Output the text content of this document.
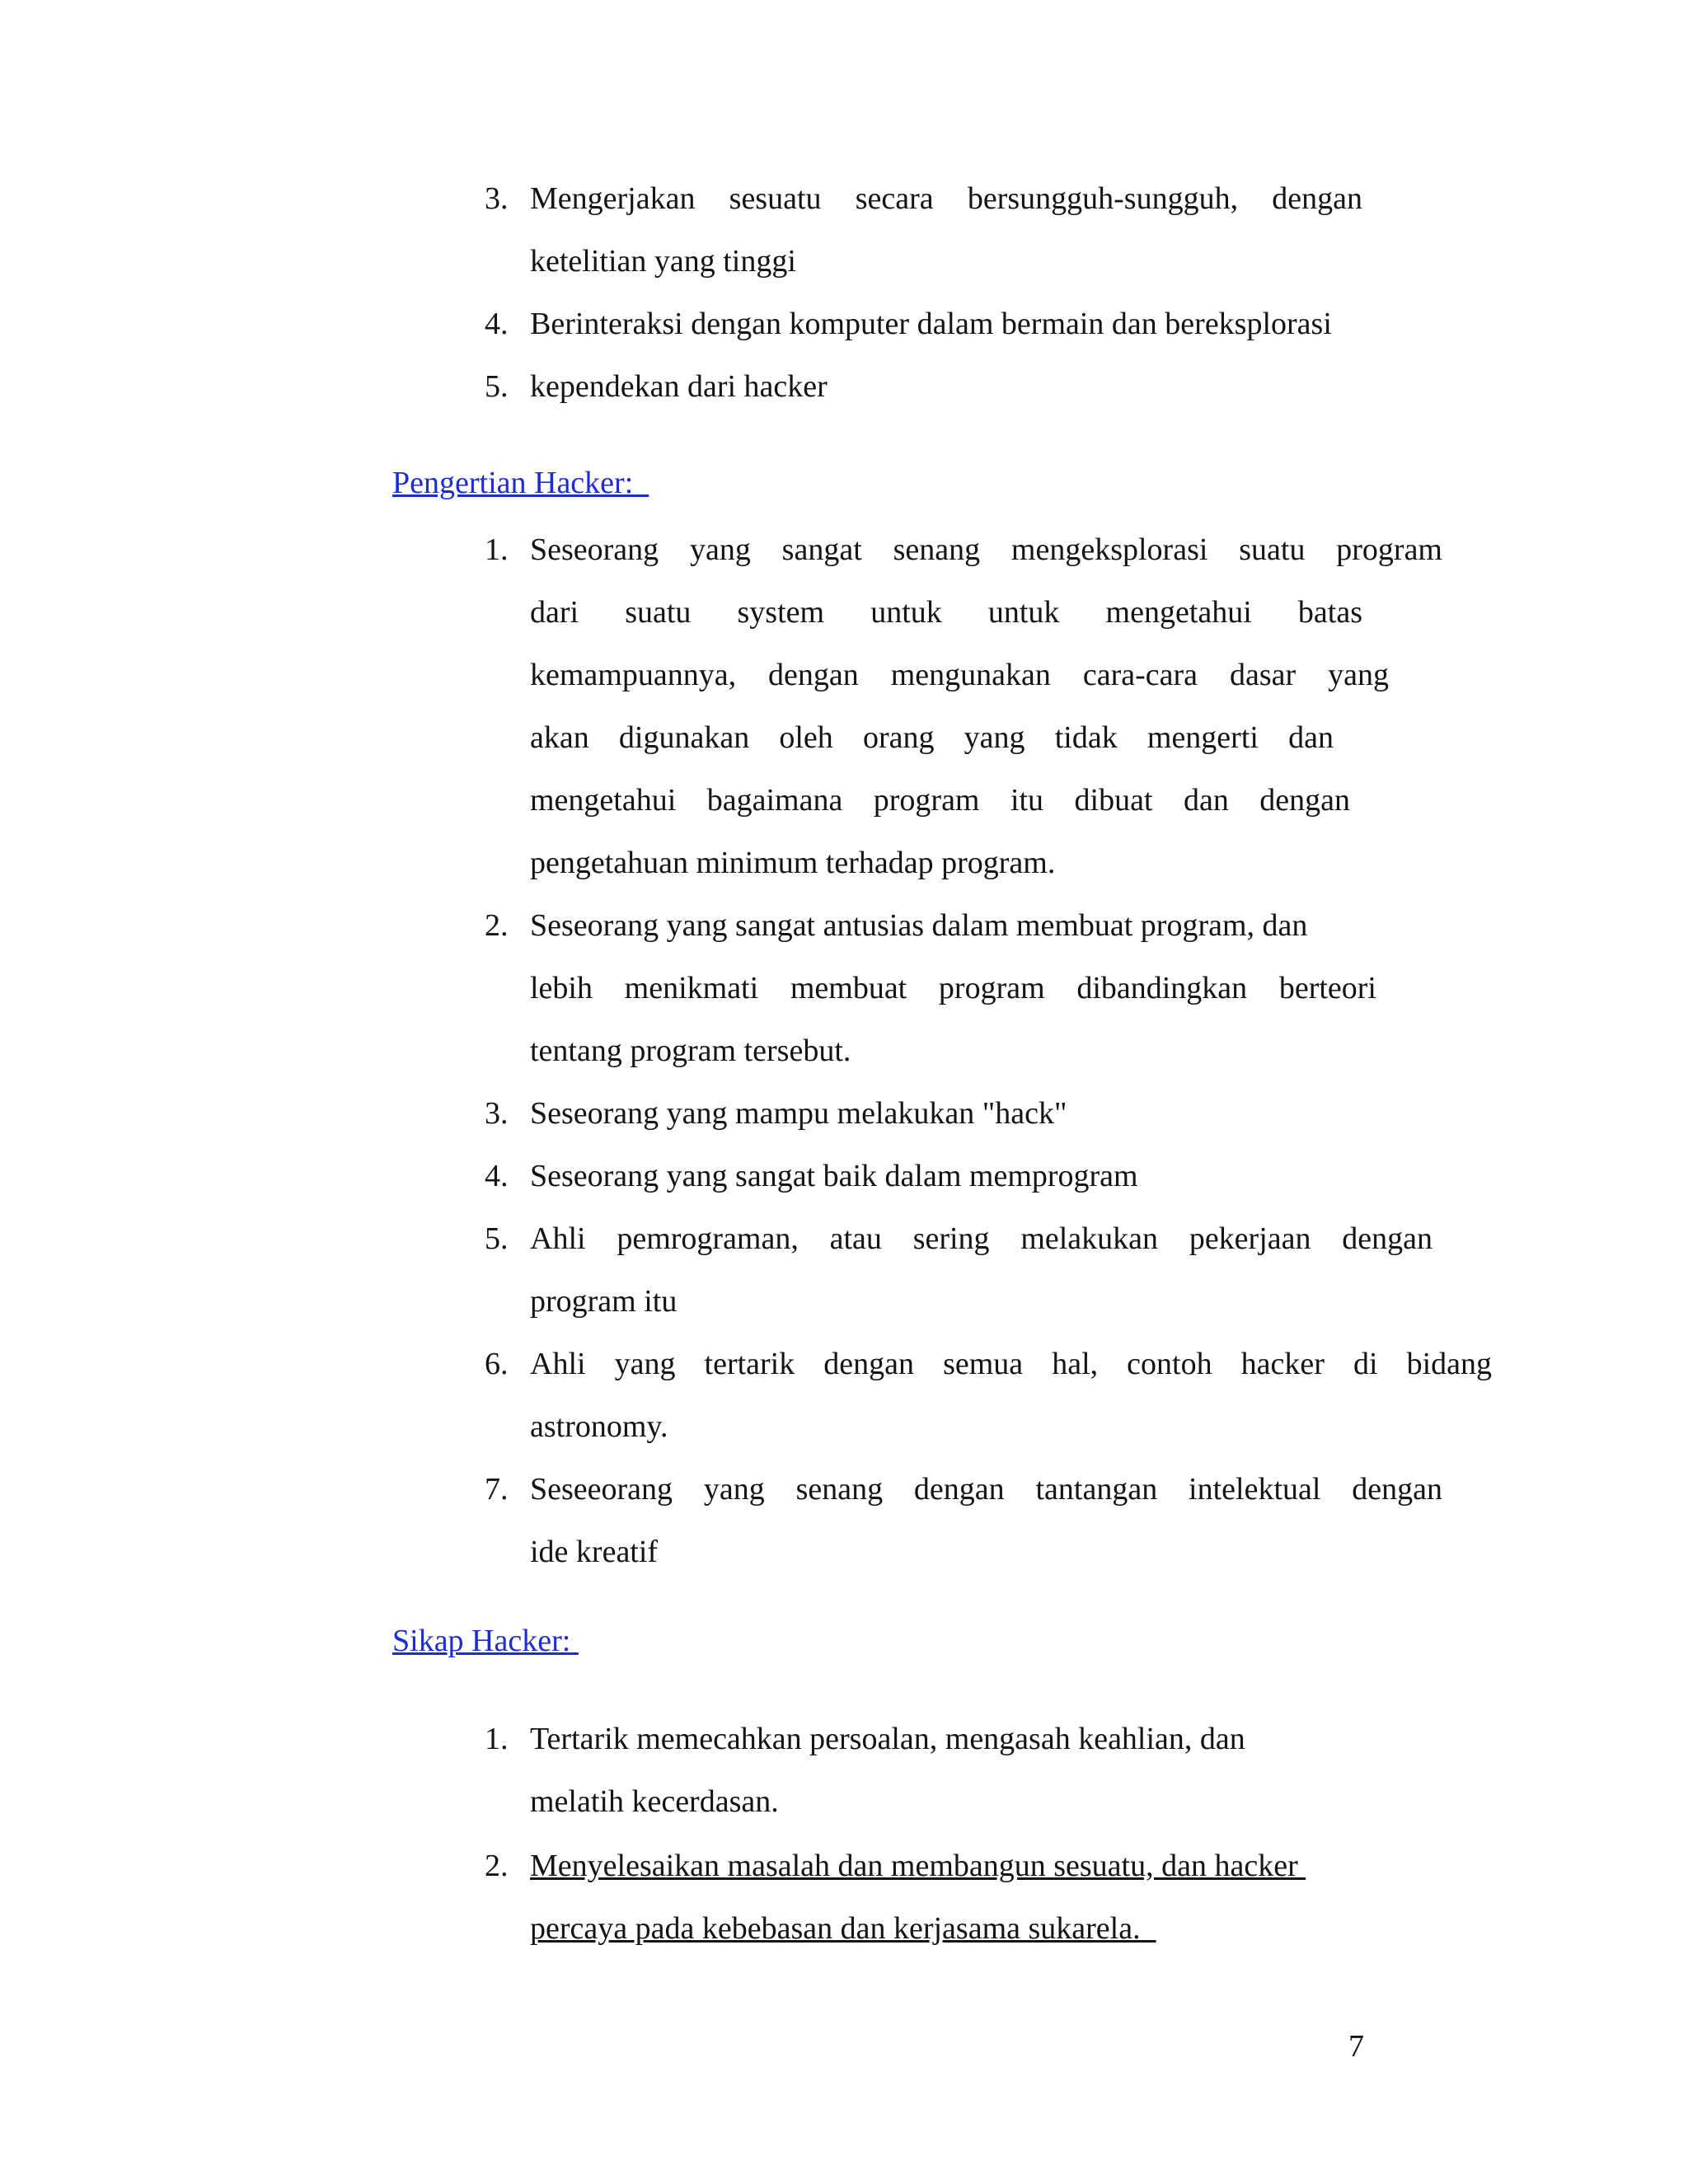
3. Mengerjakan sesuatu secara bersungguh-sungguh, dengan
ketelitian yang tinggi
4. Berinteraksi dengan komputer dalam bermain dan bereksplorasi
5. kependekan dari hacker
Pengertian Hacker:
1. Seseorang yang sangat senang mengeksplorasi suatu program
dari suatu system untuk untuk mengetahui batas
kemampuannya, dengan mengunakan cara-cara dasar yang
akan digunakan oleh orang yang tidak mengerti dan
mengetahui bagaimana program itu dibuat dan dengan
pengetahuan minimum terhadap program.
2. Seseorang yang sangat antusias dalam membuat program, dan
lebih menikmati membuat program dibandingkan berteori
tentang program tersebut.
3. Seseorang yang mampu melakukan "hack"
4. Seseorang yang sangat baik dalam memprogram
5. Ahli pemrograman, atau sering melakukan pekerjaan dengan
program itu
6. Ahli yang tertarik dengan semua hal, contoh hacker di bidang
astronomy.
7. Seseeorang yang senang dengan tantangan intelektual dengan
ide kreatif
Sikap Hacker:
1. Tertarik memecahkan persoalan, mengasah keahlian, dan
melatih kecerdasan.
2. Menyelesaikan masalah dan membangun sesuatu, dan hacker
percaya pada kebebasan dan kerjasama sukarela.
7
